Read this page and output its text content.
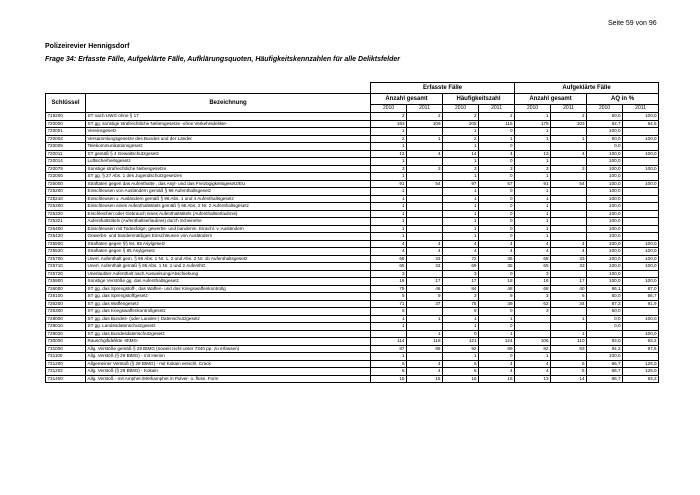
Seite 59 von 96
Polizeirevier Hennigsdorf
Frage 34: Erfasste Fälle, Aufgeklärte Fälle, Aufklärungsquoten, Häufigkeitskennzahlen für alle Deliktsfelder
		Erfasste Fälle				Aufgeklärte Fälle			
Schlüssel	Bezeichnung	Anzahl gesamt		Häufigkeitszahl		Anzahl gesamt		AQ in %	
		2010	2011	2010	2011	2010	2011	2010	2011
719200	ST nach UWG ohne § 17	2	2	2	2	1	2	50,0	100,0
720000	ST gg. sonstige strafrechtliche Nebengesetze -ohne Verkehrsdelikte-	193	109	205	115	179	103	92,7	94,5
720001	Vereinsgesetz	1		1	0	1		100,0	
720002	Versammlungsgesetze des Bundes und der Länder	2	1	2	1	1	1	50,0	100,0
720009	Telekommunikationsgesetz	1		1	0			0,0	
720011	ST gemäß § 4 Gewaltschutzgesetz	13	4	14	4	13	4	100,0	100,0
720014	Luftsicherheitsgesetz	1		1	0	1		100,0	
720079	Sonstige strafrechtliche Nebengesetze	3	3	3	3	3	3	100,0	100,0
722000	ST gg. § 27 Abs. 1 des Jugendschutzgesetzes	1		1	0	1		100,0	
725000	Straftaten gegen das Aufenthalts-, das Asyl- und das Freizügigkeitsgesetz/EU	91	54	97	57	91	54	100,0	100,0
725200	Einschleusen von Ausländern gemäß § 96 Aufenthaltsgesetz	1		1	0	1		100,0	
725210	Einschleusen v. Ausländern gemäß § 96 Abs. 1 und 4 Aufenthaltsgesetz	1		1	0	1		100,0	
725300	Einschleusen eines Aufenthaltstitels gemäß § 95 Abs. 2 Nr. 2 Aufenthaltsgesetz	1		1	0	1		100,0	
725320	Erschleichen oder Gebrauch eines Aufenthaltstitels (Aufenthaltserlaubnis)	1		1	0	1		100,0	
725321	Aufenthaltstitels (Aufenthaltserlaubnis) durch Scheinehe	1		1	0	1		100,0	
725400	Einschleusen mit Todesfolge; gewerbs- und bandenm. Einschl. v. Ausländern	1		1	0	1		100,0	
725420	Gewerbs- und bandenmäßiges Einschleusen von Ausländern	1		1	0	1		100,0	
725500	Straftaten gegen §§ 84, 85 Asylgesetz	4	4	4	4	4	4	100,0	100,0
725520	Straftaten gegen § 85 Asylgesetz	4	4	4	4	4	4	100,0	100,0
725700	Unerl. Aufenthalt gem. § 95 Abs. 1 Nr. 1, 2 und Abs. 2 Nr. 1b Aufenthaltsgesetz	68	33	72	35	68	33	100,0	100,0
725710	Unerl. Aufenthalt gemäß § 95 Abs. 1 Nr. 1 und 2 AufenthG	65	33	69	35	65	33	100,0	100,0
725720	Unerlaubter Aufenthalt nach Ausweisung/Abschiebung	3		3	0	3		100,0	
725900	Sonstige Verstöße gg. das Aufenthaltsgesetz	16	17	17	18	16	17	100,0	100,0
726000	ST gg. das Sprengstoff-, das Waffen- und das Kriegswaffenkontrollg	79	46	84	48	68	40	86,1	87,0
726100	ST gg. das Sprengstoffgesetz	5	9	3	9	3	6	60,0	66,7
726200	ST gg. das Waffengesetz	71	37	75	39	62	34	87,3	91,9
726300	ST gg. das Kriegswaffenkontrollgesetz	5		5	0	3		60,0	
728000	ST gg. das Bundes- (oder Landes-) Datenschutzgesetz	1	1	1	1		1	0,0	100,0
728010	ST gg. Landesdatenschutzgesetz	1		1	0			0,0	
728020	ST gg. das Bundesdatenschutzgesetz		1	0	1		1		100,0
730000	Rauschgiftdelikte -BtMG-	114	118	121	124	106	110	93,0	93,2
731000	Allg. Verstöße gemäß § 29 BtMG (soweit nicht unter 7340 pp. zu erfassen)	87	85	92	89	82	83	94,3	97,6
731100	Allg. Verstöß (§ 29 BtMG) - mit Heroin	1		1	0	1		100,0	
731200	Allgemeiner Verstoß (§ 29 BtMG) - mit Kokain einschl. Crack	6	4	6	4	4	5	66,7	125,0
731202	Allg. Verstoß (§ 29 BtMG) - Kokain	6	4	6	4	4	5	66,7	125,0
731400	Allg. Verstoß - mit Amphet./Methamphet in Pulver- o. flüss. Form	15	15	16	16	13	14	86,7	93,3
